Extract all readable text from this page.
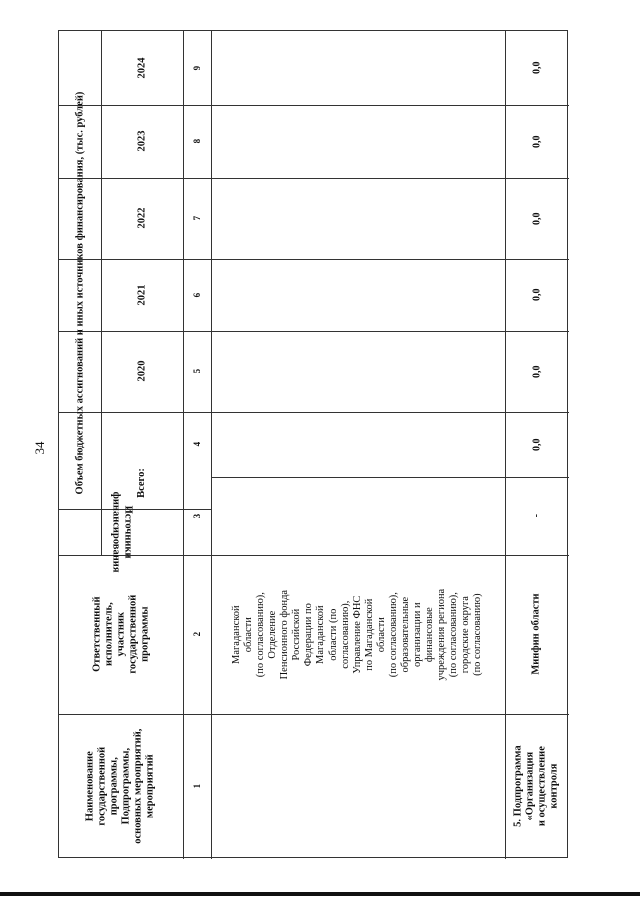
34	Объем бюджетных ассигнований и иных источников финансирования, (тыс. рублей)
Наименование государственной программы, Подпрограммы, основных мероприятий, мероприятий
Ответственный исполнитель, участник государственной программы
Источники
финансирования
Всего:
2020
2021
2022
2023
2024
1
2
3
4
5
6
7
8
9
Магаданской области (по согласованию), Отделение Пенсионного фонда Российской Федерации по Магаданской области (по согласованию), Управление ФНС по Магаданской области (по согласованию), образовательные организации и финансовые учреждения региона (по согласованию), городские округа (по согласованию)
5. Подпрограмма «Организация и осуществление контроля
Минфин области
-
0,0
0,0
0,0
0,0
0,0
0,0
